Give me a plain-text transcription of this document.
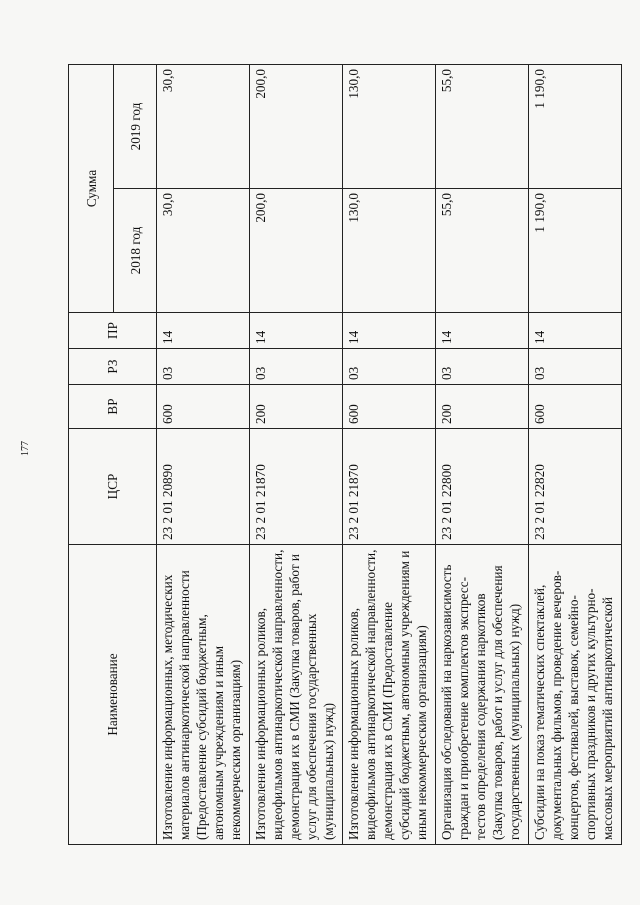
177
Наименование	ЦСР	ВР	РЗ	ПР	Сумма	
					2018 год	2019 год
Изготовление информационных, методических материалов антинаркотической направленности (Предоставление субсидий бюджетным, автономным учреждениям и иным некоммерческим организациям)	23 2 01 20890	600	03	14	30,0	30,0
Изготовление информационных роликов, видеофильмов антинаркотической направленности, демонстрация их в СМИ (Закупка товаров, работ и услуг для обеспечения государственных (муниципальных) нужд)	23 2 01 21870	200	03	14	200,0	200,0
Изготовление информационных роликов, видеофильмов антинаркотической направленности, демонстрация их в СМИ (Предоставление субсидий бюджетным, автономным учреждениям и иным некоммерческим организациям)	23 2 01 21870	600	03	14	130,0	130,0
Организация обследований на наркозависимость граждан и приобретение комплектов экспресс-тестов определения содержания наркотиков (Закупка товаров, работ и услуг для обеспечения государственных (муниципальных) нужд)	23 2 01 22800	200	03	14	55,0	55,0
Субсидии на показ тематических спектаклей, документальных фильмов, проведение вечеров-концертов, фестивалей, выставок, семейно-спортивных праздников и других культурно-массовых мероприятий антинаркотической	23 2 01 22820	600	03	14	1 190,0	1 190,0
